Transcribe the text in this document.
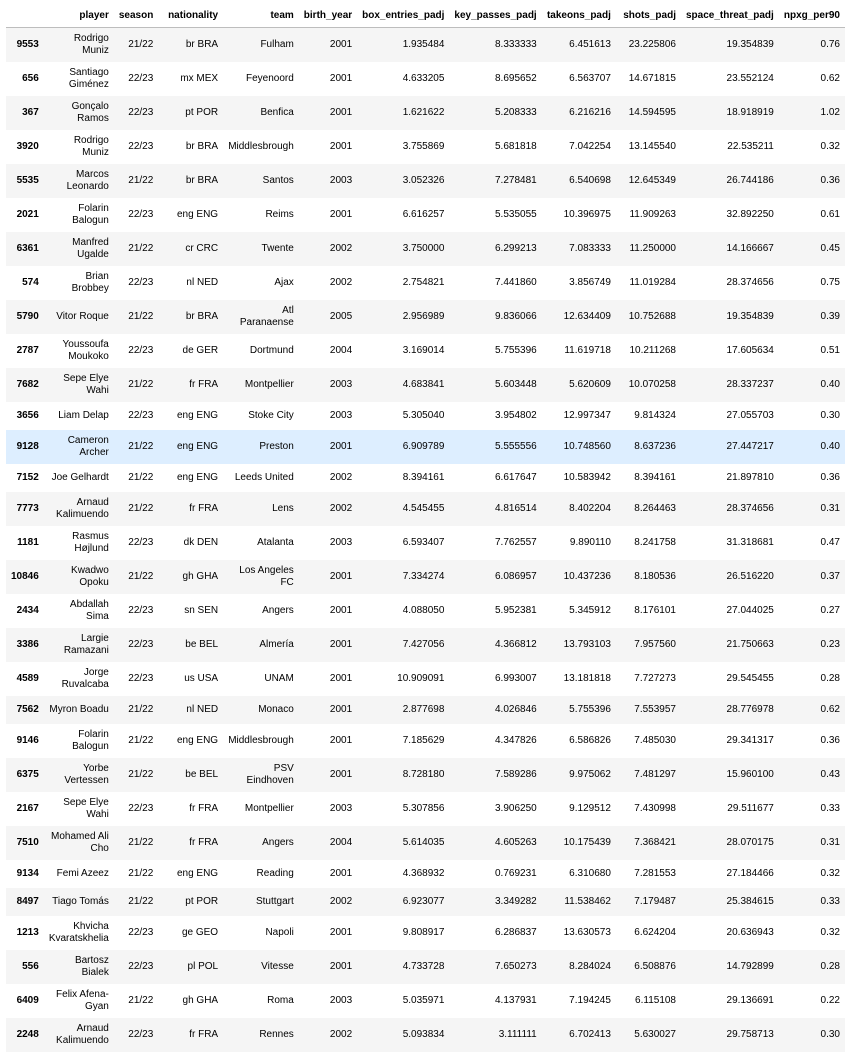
	player	season	nationality	team	birth_year	box_entries_padj	key_passes_padj	takeons_padj	shots_padj	space_threat_padj	npxg_per90
9553	Rodrigo Muniz	21/22	br BRA	Fulham	2001	1.935484	8.333333	6.451613	23.225806	19.354839	0.76
656	Santiago Giménez	22/23	mx MEX	Feyenoord	2001	4.633205	8.695652	6.563707	14.671815	23.552124	0.62
367	Gonçalo Ramos	22/23	pt POR	Benfica	2001	1.621622	5.208333	6.216216	14.594595	18.918919	1.02
3920	Rodrigo Muniz	22/23	br BRA	Middlesbrough	2001	3.755869	5.681818	7.042254	13.145540	22.535211	0.32
5535	Marcos Leonardo	21/22	br BRA	Santos	2003	3.052326	7.278481	6.540698	12.645349	26.744186	0.36
2021	Folarin Balogun	22/23	eng ENG	Reims	2001	6.616257	5.535055	10.396975	11.909263	32.892250	0.61
6361	Manfred Ugalde	21/22	cr CRC	Twente	2002	3.750000	6.299213	7.083333	11.250000	14.166667	0.45
574	Brian Brobbey	22/23	nl NED	Ajax	2002	2.754821	7.441860	3.856749	11.019284	28.374656	0.75
5790	Vitor Roque	21/22	br BRA	Atl Paranaense	2005	2.956989	9.836066	12.634409	10.752688	19.354839	0.39
2787	Youssoufa Moukoko	22/23	de GER	Dortmund	2004	3.169014	5.755396	11.619718	10.211268	17.605634	0.51
7682	Sepe Elye Wahi	21/22	fr FRA	Montpellier	2003	4.683841	5.603448	5.620609	10.070258	28.337237	0.40
3656	Liam Delap	22/23	eng ENG	Stoke City	2003	5.305040	3.954802	12.997347	9.814324	27.055703	0.30
9128	Cameron Archer	21/22	eng ENG	Preston	2001	6.909789	5.555556	10.748560	8.637236	27.447217	0.40
7152	Joe Gelhardt	21/22	eng ENG	Leeds United	2002	8.394161	6.617647	10.583942	8.394161	21.897810	0.36
7773	Arnaud Kalimuendo	21/22	fr FRA	Lens	2002	4.545455	4.816514	8.402204	8.264463	28.374656	0.31
1181	Rasmus Højlund	22/23	dk DEN	Atalanta	2003	6.593407	7.762557	9.890110	8.241758	31.318681	0.47
10846	Kwadwo Opoku	21/22	gh GHA	Los Angeles FC	2001	7.334274	6.086957	10.437236	8.180536	26.516220	0.37
2434	Abdallah Sima	22/23	sn SEN	Angers	2001	4.088050	5.952381	5.345912	8.176101	27.044025	0.27
3386	Largie Ramazani	22/23	be BEL	Almería	2001	7.427056	4.366812	13.793103	7.957560	21.750663	0.23
4589	Jorge Ruvalcaba	22/23	us USA	UNAM	2001	10.909091	6.993007	13.181818	7.727273	29.545455	0.28
7562	Myron Boadu	21/22	nl NED	Monaco	2001	2.877698	4.026846	5.755396	7.553957	28.776978	0.62
9146	Folarin Balogun	21/22	eng ENG	Middlesbrough	2001	7.185629	4.347826	6.586826	7.485030	29.341317	0.36
6375	Yorbe Vertessen	21/22	be BEL	PSV Eindhoven	2001	8.728180	7.589286	9.975062	7.481297	15.960100	0.43
2167	Sepe Elye Wahi	22/23	fr FRA	Montpellier	2003	5.307856	3.906250	9.129512	7.430998	29.511677	0.33
7510	Mohamed Ali Cho	21/22	fr FRA	Angers	2004	5.614035	4.605263	10.175439	7.368421	28.070175	0.31
9134	Femi Azeez	21/22	eng ENG	Reading	2001	4.368932	0.769231	6.310680	7.281553	27.184466	0.32
8497	Tiago Tomás	21/22	pt POR	Stuttgart	2002	6.923077	3.349282	11.538462	7.179487	25.384615	0.33
1213	Khvicha Kvaratskhelia	22/23	ge GEO	Napoli	2001	9.808917	6.286837	13.630573	6.624204	20.636943	0.32
556	Bartosz Bialek	22/23	pl POL	Vitesse	2001	4.733728	7.650273	8.284024	6.508876	14.792899	0.28
6409	Felix Afena-Gyan	21/22	gh GHA	Roma	2003	5.035971	4.137931	7.194245	6.115108	29.136691	0.22
2248	Arnaud Kalimuendo	22/23	fr FRA	Rennes	2002	5.093834	3.111111	6.702413	5.630027	29.758713	0.30
